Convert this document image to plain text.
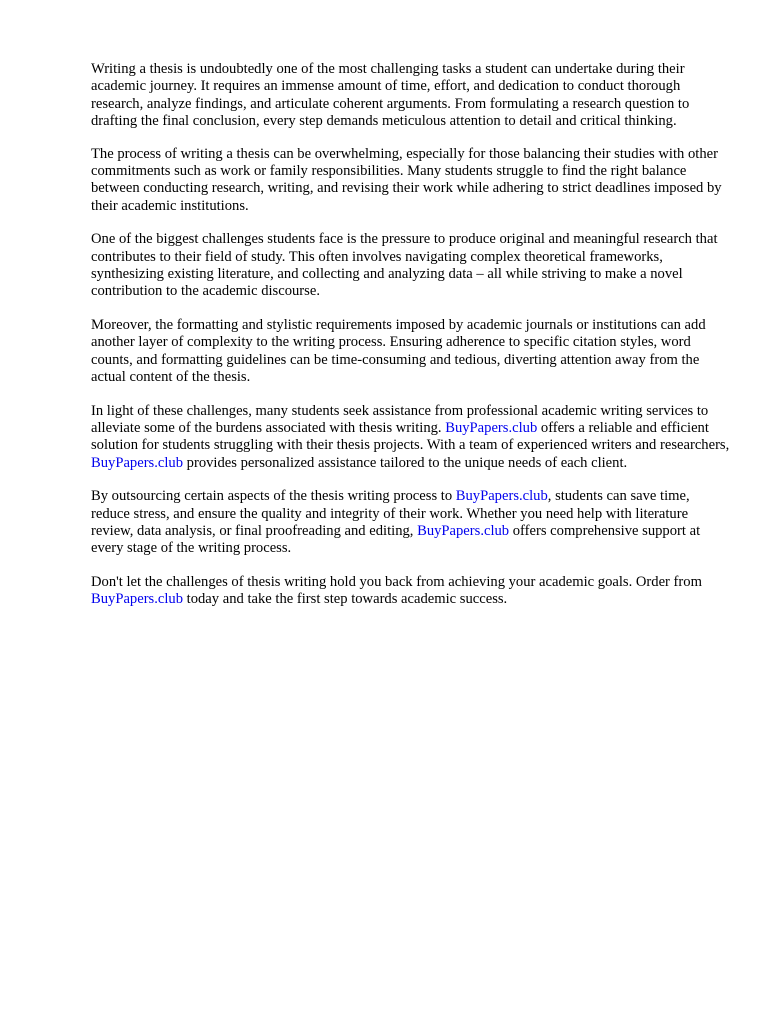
Writing a thesis is undoubtedly one of the most challenging tasks a student can undertake during their academic journey. It requires an immense amount of time, effort, and dedication to conduct thorough research, analyze findings, and articulate coherent arguments. From formulating a research question to drafting the final conclusion, every step demands meticulous attention to detail and critical thinking.

The process of writing a thesis can be overwhelming, especially for those balancing their studies with other commitments such as work or family responsibilities. Many students struggle to find the right balance between conducting research, writing, and revising their work while adhering to strict deadlines imposed by their academic institutions.

One of the biggest challenges students face is the pressure to produce original and meaningful research that contributes to their field of study. This often involves navigating complex theoretical frameworks, synthesizing existing literature, and collecting and analyzing data – all while striving to make a novel contribution to the academic discourse.

Moreover, the formatting and stylistic requirements imposed by academic journals or institutions can add another layer of complexity to the writing process. Ensuring adherence to specific citation styles, word counts, and formatting guidelines can be time-consuming and tedious, diverting attention away from the actual content of the thesis.

In light of these challenges, many students seek assistance from professional academic writing services to alleviate some of the burdens associated with thesis writing. BuyPapers.club offers a reliable and efficient solution for students struggling with their thesis projects. With a team of experienced writers and researchers, BuyPapers.club provides personalized assistance tailored to the unique needs of each client.

By outsourcing certain aspects of the thesis writing process to BuyPapers.club, students can save time, reduce stress, and ensure the quality and integrity of their work. Whether you need help with literature review, data analysis, or final proofreading and editing, BuyPapers.club offers comprehensive support at every stage of the writing process.

Don't let the challenges of thesis writing hold you back from achieving your academic goals. Order from BuyPapers.club today and take the first step towards academic success.
